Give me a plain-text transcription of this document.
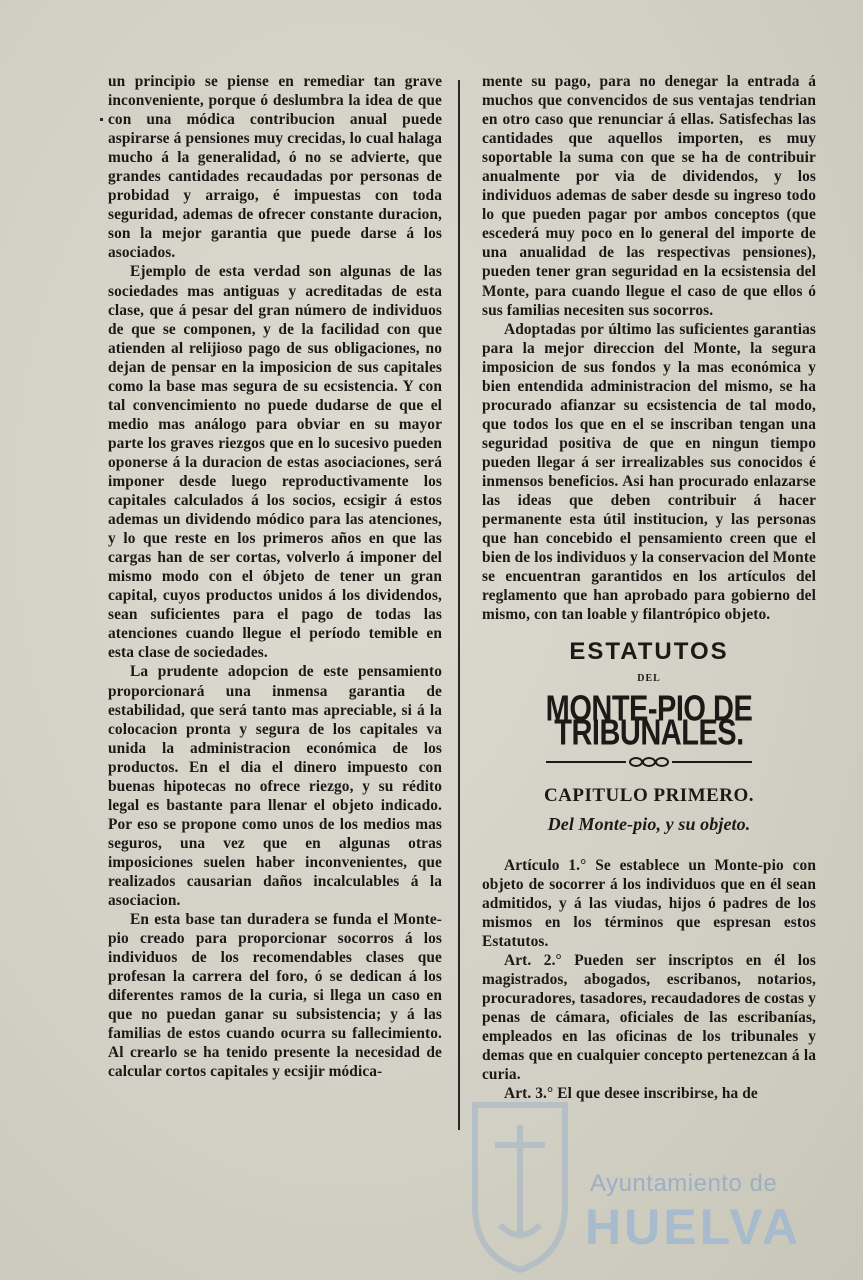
un principio se piense en remediar tan grave inconveniente, porque ó deslumbra la idea de que con una módica contribucion anual puede aspirarse á pensiones muy crecidas, lo cual halaga mucho á la generalidad, ó no se advierte, que grandes cantidades recaudadas por personas de probidad y arraigo, é impuestas con toda seguridad, ademas de ofrecer constante duracion, son la mejor garantia que puede darse á los asociados.

Ejemplo de esta verdad son algunas de las sociedades mas antiguas y acreditadas de esta clase, que á pesar del gran número de individuos de que se componen, y de la facilidad con que atienden al relijioso pago de sus obligaciones, no dejan de pensar en la imposicion de sus capitales como la base mas segura de su ecsistencia. Y con tal convencimiento no puede dudarse de que el medio mas análogo para obviar en su mayor parte los graves riezgos que en lo sucesivo pueden oponerse á la duracion de estas asociaciones, será imponer desde luego reproductivamente los capitales calculados á los socios, ecsigir á estos ademas un dividendo módico para las atenciones, y lo que reste en los primeros años en que las cargas han de ser cortas, volverlo á imponer del mismo modo con el óbjeto de tener un gran capital, cuyos productos unidos á los dividendos, sean suficientes para el pago de todas las atenciones cuando llegue el período temible en esta clase de sociedades.

La prudente adopcion de este pensamiento proporcionará una inmensa garantia de estabilidad, que será tanto mas apreciable, si á la colocacion pronta y segura de los capitales va unida la administracion económica de los productos. En el dia el dinero impuesto con buenas hipotecas no ofrece riezgo, y su rédito legal es bastante para llenar el objeto indicado. Por eso se propone como unos de los medios mas seguros, una vez que en algunas otras imposiciones suelen haber inconvenientes, que realizados causarian daños incalculables á la asociacion.

En esta base tan duradera se funda el Monte-pio creado para proporcionar socorros á los individuos de los recomendables clases que profesan la carrera del foro, ó se dedican á los diferentes ramos de la curia, si llega un caso en que no puedan ganar su subsistencia; y á las familias de estos cuando ocurra su fallecimiento. Al crearlo se ha tenido presente la necesidad de calcular cortos capitales y ecsijir módica-

mente su pago, para no denegar la entrada á muchos que convencidos de sus ventajas tendrian en otro caso que renunciar á ellas. Satisfechas las cantidades que aquellos importen, es muy soportable la suma con que se ha de contribuir anualmente por via de dividendos, y los individuos ademas de saber desde su ingreso todo lo que pueden pagar por ambos conceptos (que escederá muy poco en lo general del importe de una anualidad de las respectivas pensiones), pueden tener gran seguridad en la ecsistensia del Monte, para cuando llegue el caso de que ellos ó sus familias necesiten sus socorros.

Adoptadas por último las suficientes garantias para la mejor direccion del Monte, la segura imposicion de sus fondos y la mas económica y bien entendida administracion del mismo, se ha procurado afianzar su ecsistencia de tal modo, que todos los que en el se inscriban tengan una seguridad positiva de que en ningun tiempo pueden llegar á ser irrealizables sus conocidos é inmensos beneficios. Asi han procurado enlazarse las ideas que deben contribuir á hacer permanente esta útil institucion, y las personas que han concebido el pensamiento creen que el bien de los individuos y la conservacion del Monte se encuentran garantidos en los artículos del reglamento que han aprobado para gobierno del mismo, con tan loable y filantrópico objeto.

ESTATUTOS
DEL
MONTE-PIO DE TRIBUNALES.
CAPITULO PRIMERO.
Del Monte-pio, y su objeto.

Artículo 1.° Se establece un Monte-pio con objeto de socorrer á los individuos que en él sean admitidos, y á las viudas, hijos ó padres de los mismos en los términos que espresan estos Estatutos.

Art. 2.° Pueden ser inscriptos en él los magistrados, abogados, escribanos, notarios, procuradores, tasadores, recaudadores de costas y penas de cámara, oficiales de las escribanías, empleados en las oficinas de los tribunales y demas que en cualquier concepto pertenezcan á la curia.

Art. 3.° El que desee inscribirse, ha de

Ayuntamiento de
HUELVA
